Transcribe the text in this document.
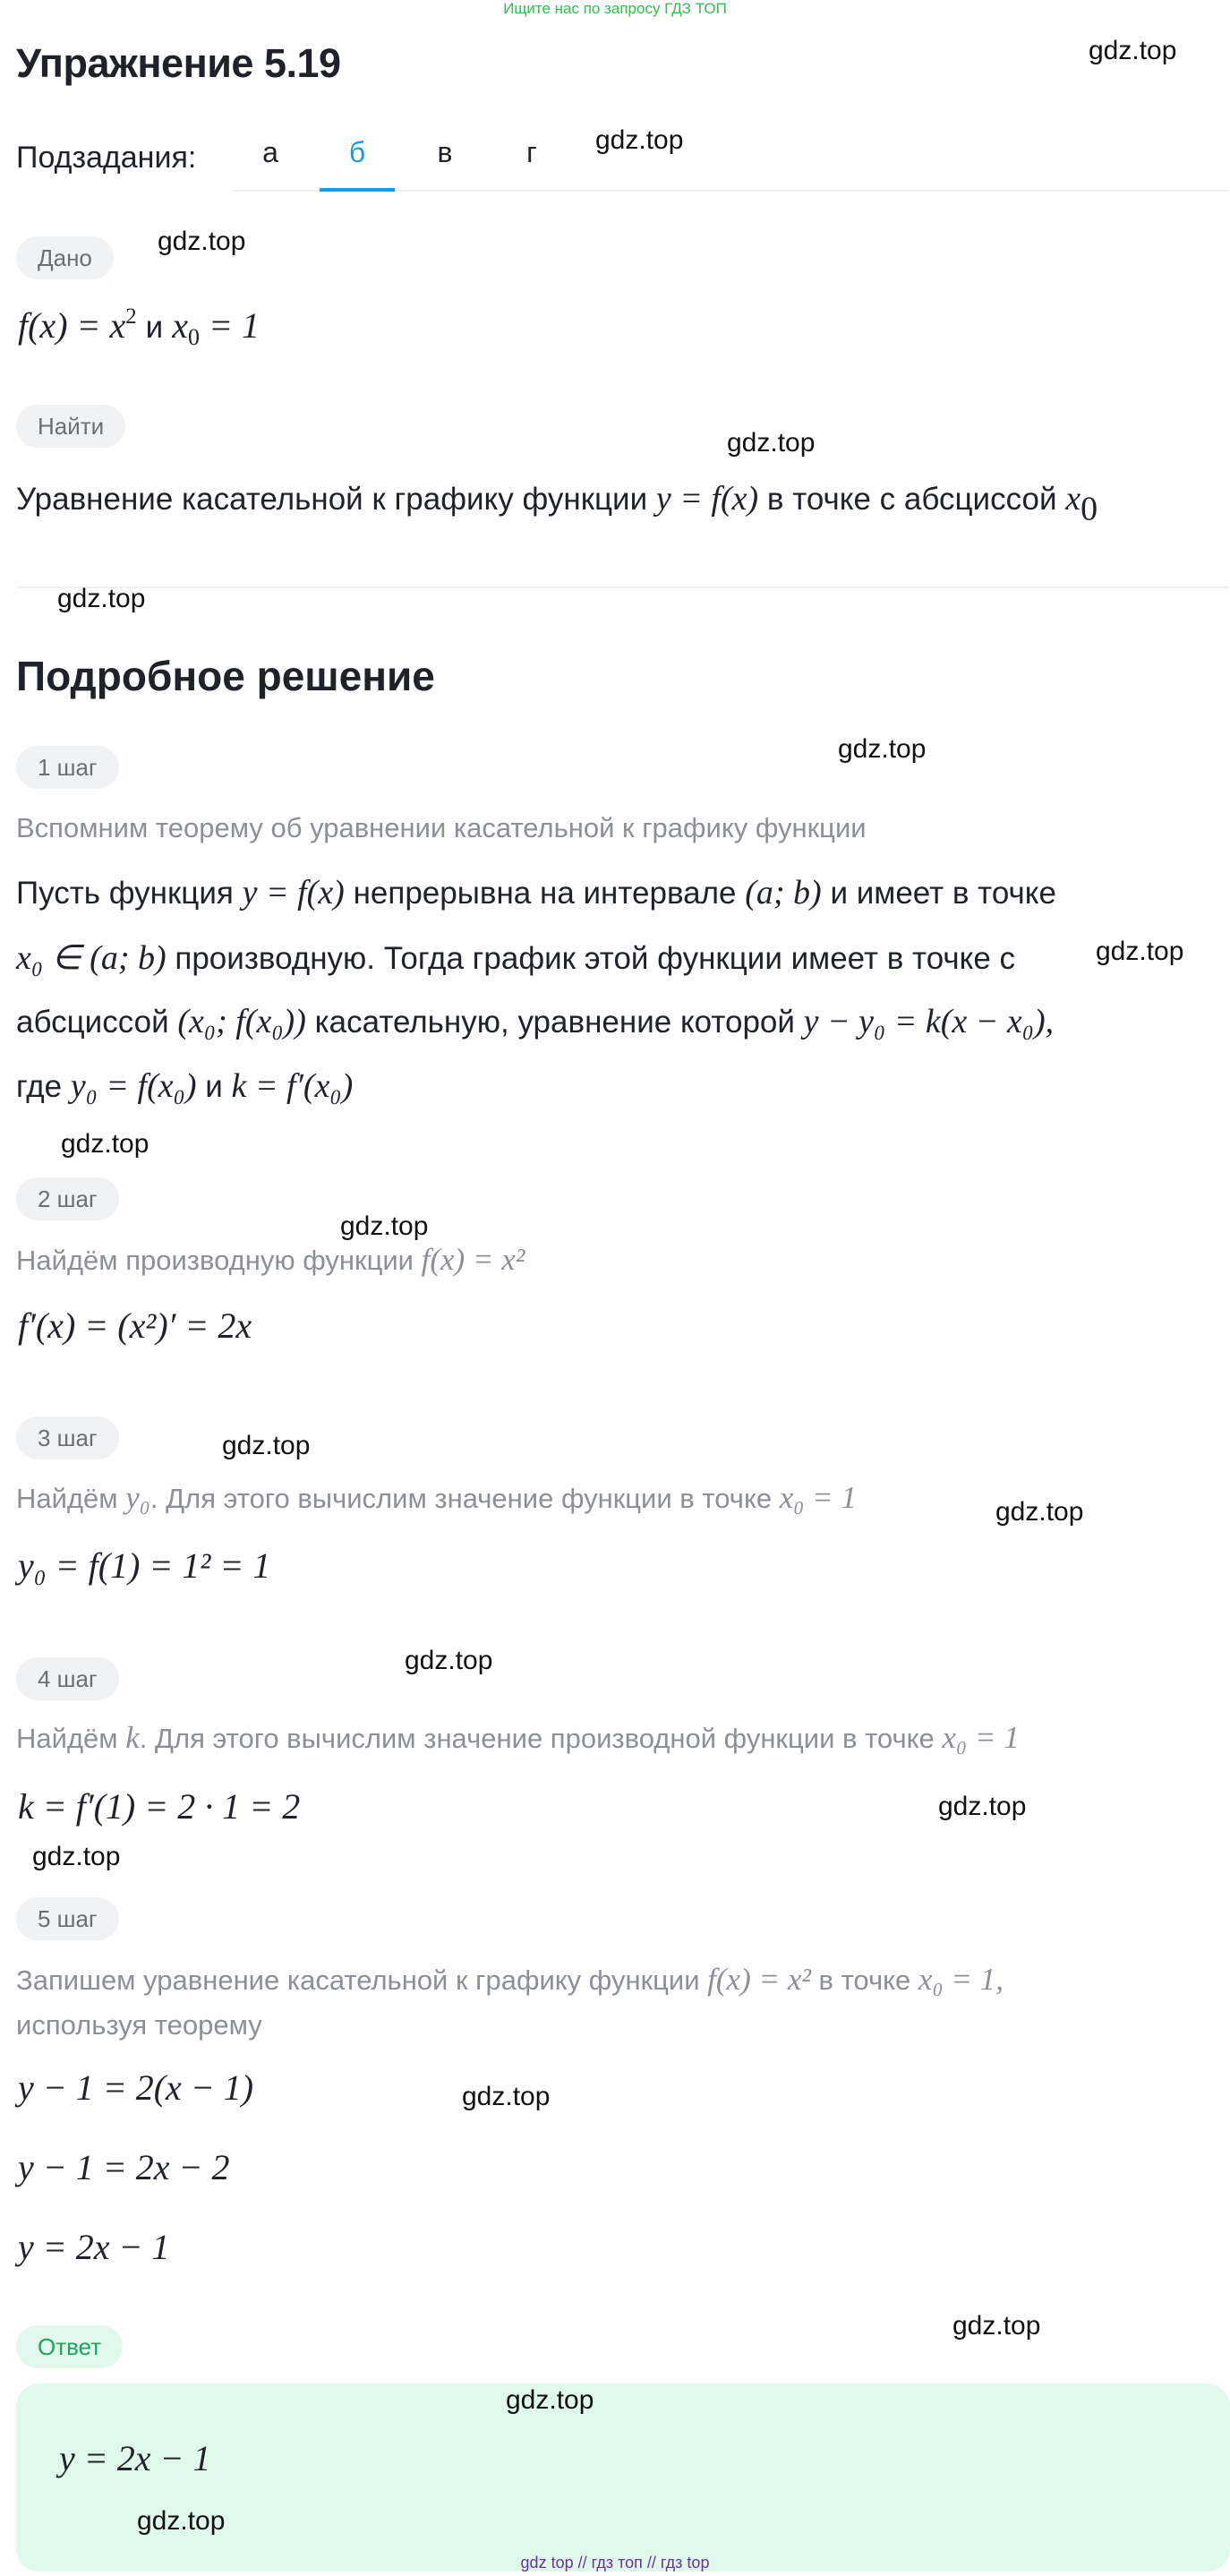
Ищите нас по запросу ГДЗ ТОП
Упражнение 5.19
Подзадания:	а	б	в	г
Дано
$f(x) = x^2$ и $x_0 = 1$
Найти
Уравнение касательной к графику функции y = f(x) в точке с абсциссой $x_0$
Подробное решение
1 шаг
Вспомним теорему об уравнении касательной к графику функции
Пусть функция y = f(x) непрерывна на интервале (a; b) и имеет в точке
x₀ ∈ (a; b) производную. Тогда график этой функции имеет в точке с
абсциссой (x₀; f(x₀)) касательную, уравнение которой y − y₀ = k(x − x₀),
где y₀ = f(x₀) и k = f′(x₀)
2 шаг
Найдём производную функции f(x) = x²
f′(x) = (x²)′ = 2x
3 шаг
Найдём y₀. Для этого вычислим значение функции в точке x₀ = 1
y₀ = f(1) = 1² = 1
4 шаг
Найдём k. Для этого вычислим значение производной функции в точке x₀ = 1
k = f′(1) = 2 · 1 = 2
5 шаг
Запишем уравнение касательной к графику функции f(x) = x² в точке x₀ = 1,
используя теорему
y − 1 = 2(x − 1)
y − 1 = 2x − 2
y = 2x − 1
Ответ
y = 2x − 1
gdz.top
gdz.top
gdz.top
gdz.top
gdz.top
gdz.top
gdz.top
gdz.top
gdz.top
gdz.top
gdz.top
gdz.top
gdz.top
gdz.top
gdz.top
gdz.top
gdz.top
gdz.top
gdz top // гдз топ // гдз top
